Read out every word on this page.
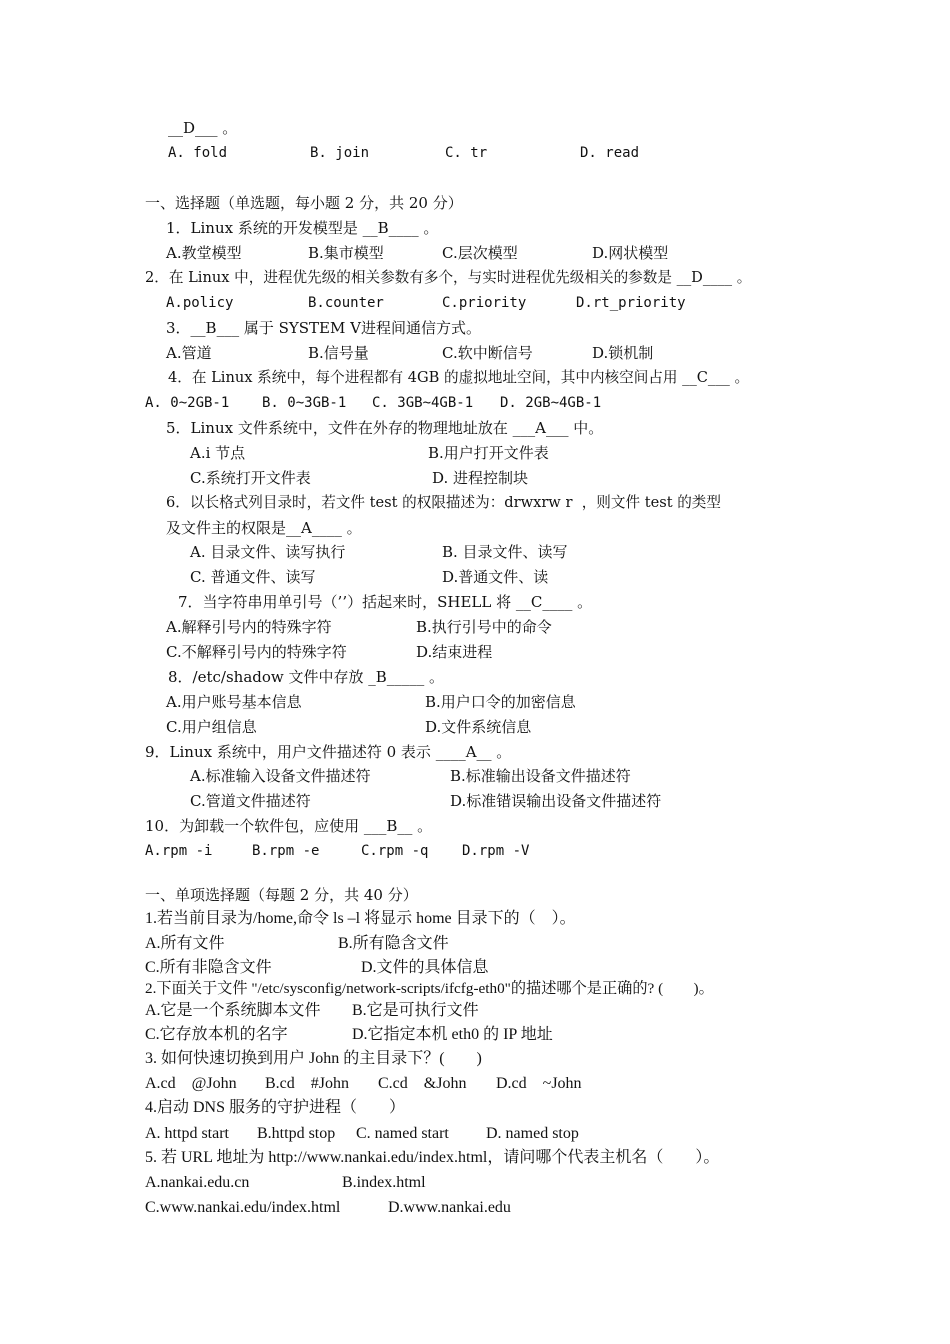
__D___ 。
A. fold	B. join	C. tr	D. read
一、选择题（单选题，每小题 2 分，共 20 分）
1．Linux 系统的开发模型是 __B____ 。
A.教堂模型	B.集市模型	C.层次模型	D.网状模型
2．在 Linux 中，进程优先级的相关参数有多个，与实时进程优先级相关的参数是 __D____ 。
A.policy	B.counter	C.priority	D.rt_priority
3．__B___ 属于 SYSTEM Ⅴ进程间通信方式。
A.管道	B.信号量	C.软中断信号	D.锁机制
4．在 Linux 系统中，每个进程都有 4GB 的虚拟地址空间，其中内核空间占用 __C___ 。
A. 0~2GB-1 B. 0~3GB-1 C. 3GB~4GB-1 D. 2GB~4GB-1
5．Linux 文件系统中，文件在外存的物理地址放在 ___A___ 中。
A.i 节点	B.用户打开文件表
C.系统打开文件表	D. 进程控制块
6．以长格式列目录时，若文件 test 的权限描述为：drwxrw r  ，则文件 test 的类型
及文件主的权限是__A____ 。
A. 目录文件、读写执行	B. 目录文件、读写
C. 普通文件、读写	D.普通文件、读
7．当字符串用单引号（’’）括起来时，SHELL 将 __C____ 。
A.解释引号内的特殊字符	B.执行引号中的命令
C.不解释引号内的特殊字符	D.结束进程
8．/etc/shadow 文件中存放 _B_____ 。
A.用户账号基本信息	B.用户口令的加密信息
C.用户组信息	D.文件系统信息
9．Linux 系统中，用户文件描述符 0 表示 ____A__ 。
A.标准输入设备文件描述符	B.标准输出设备文件描述符
C.管道文件描述符	D.标准错误输出设备文件描述符
10．为卸载一个软件包，应使用 ___B__ 。
A.rpm -i	B.rpm -e	C.rpm -q D.rpm -V
一、单项选择题（每题 2 分，共 40 分）
1.若当前目录为/home,命令 ls –l 将显示 home 目录下的（　）。
A.所有文件	B.所有隐含文件
C.所有非隐含文件	D.文件的具体信息
2.下面关于文件 "/etc/sysconfig/network-scripts/ifcfg-eth0"的描述哪个是正确的? (　　)。
A.它是一个系统脚本文件 B.它是可执行文件
C.它存放本机的名字	D.它指定本机 eth0 的 IP 地址
3. 如何快速切换到用户 John 的主目录下？(　　)
A.cd　@John B.cd　#John C.cd　&John D.cd　~John
4.启动 DNS 服务的守护进程（　　）
A. httpd start B.httpd stop C. named start D. named stop
5. 若 URL 地址为 http://www.nankai.edu/index.html，请问哪个代表主机名（　　）。
A.nankai.edu.cn	B.index.html
C.www.nankai.edu/index.html	D.www.nankai.edu
